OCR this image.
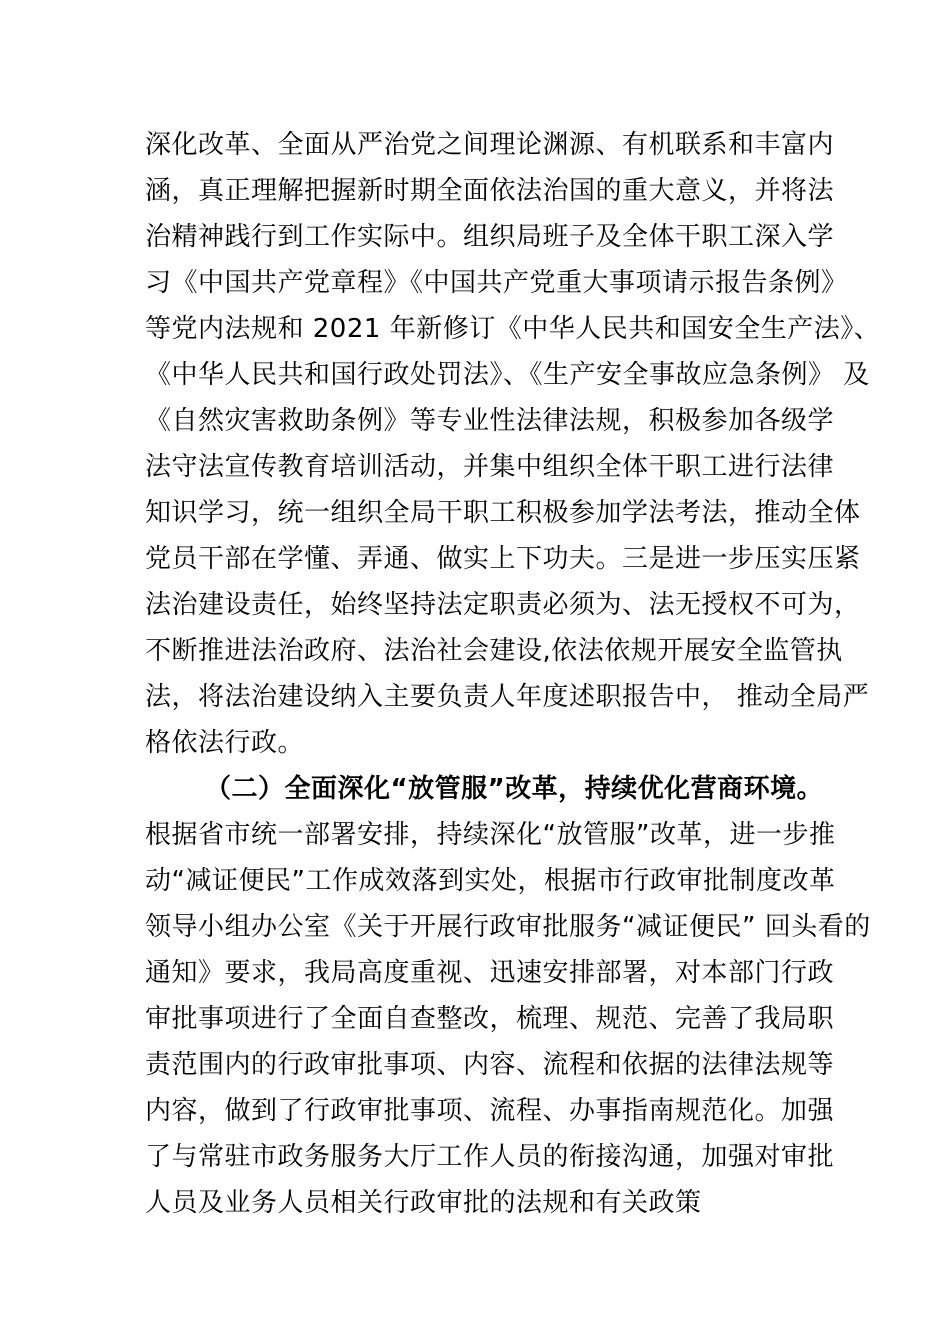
深化改革、全面从严治党之间理论渊源、有机联系和丰富内
涵，真正理解把握新时期全面依法治国的重大意义，并将法
治精神践行到工作实际中。组织局班子及全体干职工深入学
习《中国共产党章程》《中国共产党重大事项请示报告条例》
等党内法规和 2021 年新修订《中华人民共和国安全生产法》、
《中华人民共和国行政处罚法》、《生产安全事故应急条例》 及
《自然灾害救助条例》等专业性法律法规，积极参加各级学
法守法宣传教育培训活动，并集中组织全体干职工进行法律
知识学习，统一组织全局干职工积极参加学法考法，推动全体
党员干部在学懂、弄通、做实上下功夫。三是进一步压实压紧
法治建设责任，始终坚持法定职责必须为、法无授权不可为，
不断推进法治政府、法治社会建设,依法依规开展安全监管执
法，将法治建设纳入主要负责人年度述职报告中， 推动全局严
格依法行政。
（二）全面深化“放管服”改革，持续优化营商环境。
根据省市统一部署安排，持续深化“放管服”改革，进一步推
动“减证便民”工作成效落到实处，根据市行政审批制度改革
领导小组办公室《关于开展行政审批服务“减证便民” 回头看的
通知》要求，我局高度重视、迅速安排部署，对本部门行政
审批事项进行了全面自查整改，梳理、规范、完善了我局职
责范围内的行政审批事项、内容、流程和依据的法律法规等
内容，做到了行政审批事项、流程、办事指南规范化。加强
了与常驻市政务服务大厅工作人员的衔接沟通，加强对审批
人员及业务人员相关行政审批的法规和有关政策
